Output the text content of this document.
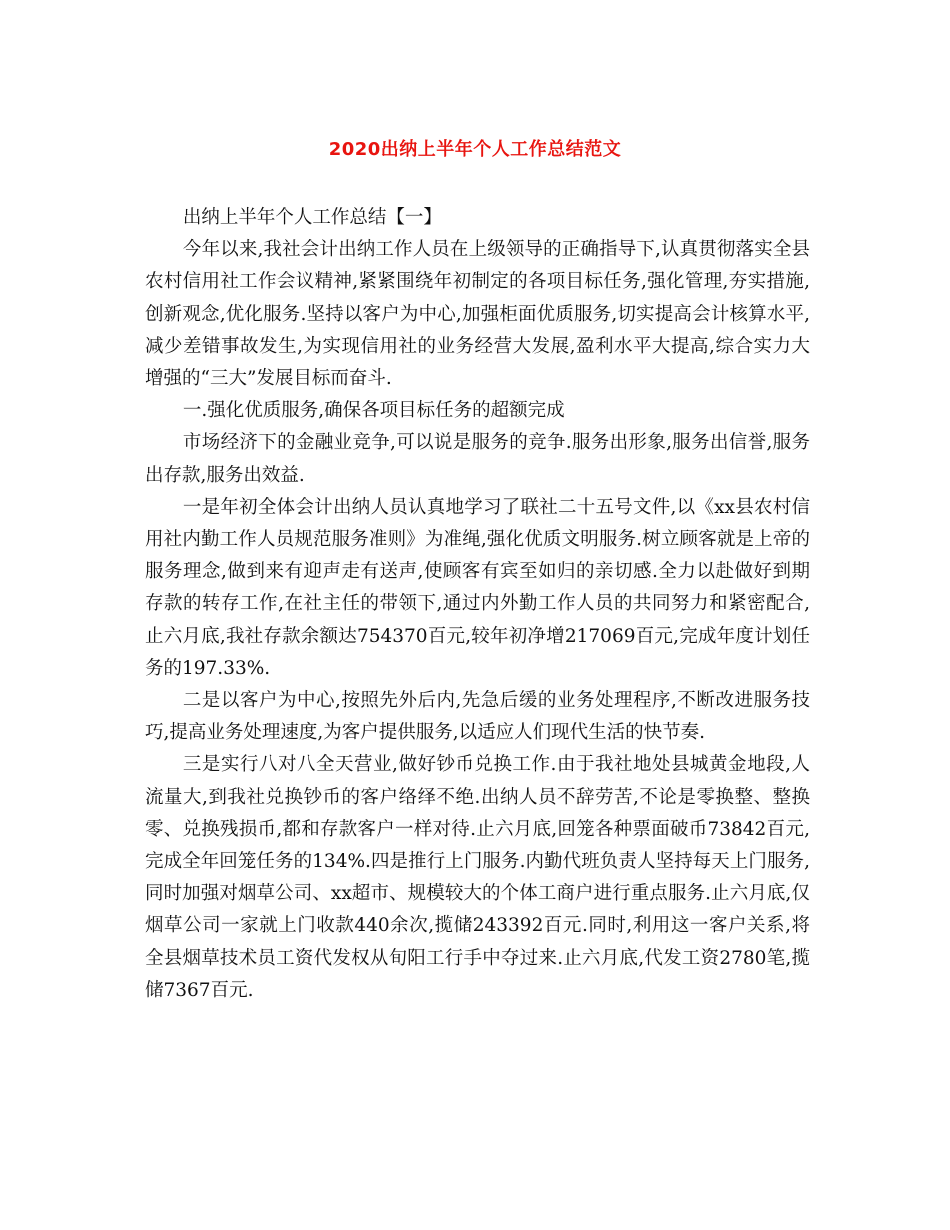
2020出纳上半年个人工作总结范文

出纳上半年个人工作总结【一】

今年以来,我社会计出纳工作人员在上级领导的正确指导下,认真贯彻落实全县农村信用社工作会议精神,紧紧围绕年初制定的各项目标任务,强化管理,夯实措施,创新观念,优化服务.坚持以客户为中心,加强柜面优质服务,切实提高会计核算水平,减少差错事故发生,为实现信用社的业务经营大发展,盈利水平大提高,综合实力大增强的“三大”发展目标而奋斗.

一.强化优质服务,确保各项目标任务的超额完成

市场经济下的金融业竞争,可以说是服务的竞争.服务出形象,服务出信誉,服务出存款,服务出效益.

一是年初全体会计出纳人员认真地学习了联社二十五号文件,以《xx县农村信用社内勤工作人员规范服务准则》为准绳,强化优质文明服务.树立顾客就是上帝的服务理念,做到来有迎声走有送声,使顾客有宾至如归的亲切感.全力以赴做好到期存款的转存工作,在社主任的带领下,通过内外勤工作人员的共同努力和紧密配合,止六月底,我社存款余额达754370百元,较年初净增217069百元,完成年度计划任务的197.33%.

二是以客户为中心,按照先外后内,先急后缓的业务处理程序,不断改进服务技巧,提高业务处理速度,为客户提供服务,以适应人们现代生活的快节奏.

三是实行八对八全天营业,做好钞币兑换工作.由于我社地处县城黄金地段,人流量大,到我社兑换钞币的客户络绎不绝.出纳人员不辞劳苦,不论是零换整、整换零、兑换残损币,都和存款客户一样对待.止六月底,回笼各种票面破币73842百元,完成全年回笼任务的134%.四是推行上门服务.内勤代班负责人坚持每天上门服务,同时加强对烟草公司、xx超市、规模较大的个体工商户进行重点服务.止六月底,仅烟草公司一家就上门收款440余次,揽储243392百元.同时,利用这一客户关系,将全县烟草技术员工资代发权从旬阳工行手中夺过来.止六月底,代发工资2780笔,揽储7367百元.
